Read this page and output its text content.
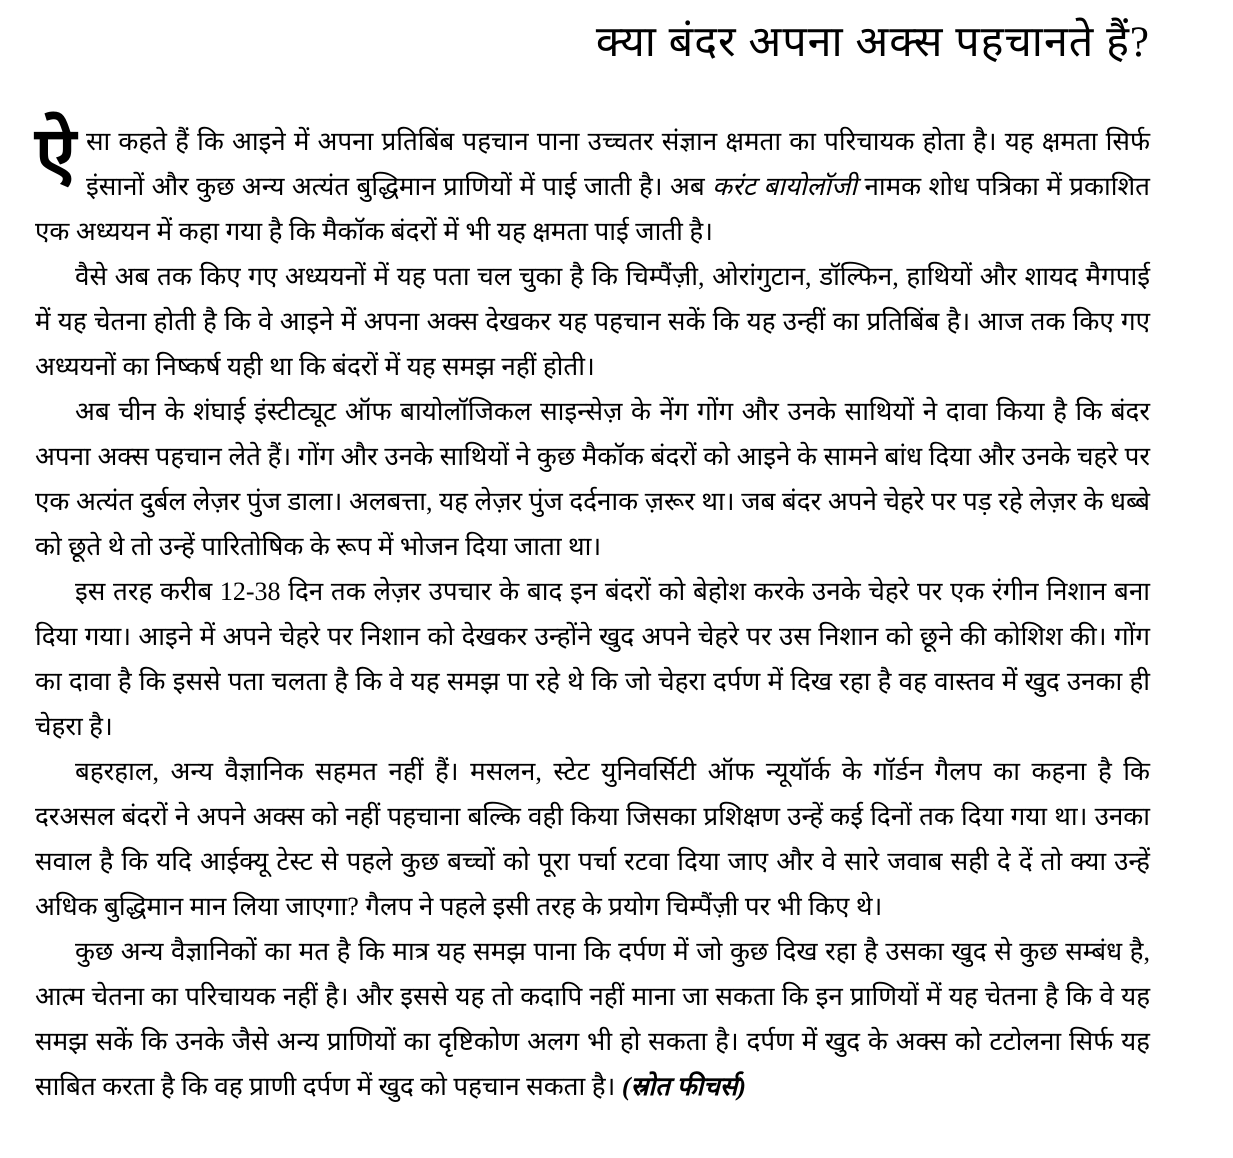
क्या बंदर अपना अक्स पहचानते हैं?

ऐसा कहते हैं कि आइने में अपना प्रतिबिंब पहचान पाना उच्चतर संज्ञान क्षमता का परिचायक होता है। यह क्षमता सिर्फ इंसानों और कुछ अन्य अत्यंत बुद्धिमान प्राणियों में पाई जाती है। अब करंट बायोलॉजी नामक शोध पत्रिका में प्रकाशित एक अध्ययन में कहा गया है कि मैकॉक बंदरों में भी यह क्षमता पाई जाती है।

वैसे अब तक किए गए अध्ययनों में यह पता चल चुका है कि चिम्पैंज़ी, ओरांगुटान, डॉल्फिन, हाथियों और शायद मैगपाई में यह चेतना होती है कि वे आइने में अपना अक्स देखकर यह पहचान सकें कि यह उन्हीं का प्रतिबिंब है। आज तक किए गए अध्ययनों का निष्कर्ष यही था कि बंदरों में यह समझ नहीं होती।

अब चीन के शंघाई इंस्टीट्यूट ऑफ बायोलॉजिकल साइन्सेज़ के नेंग गोंग और उनके साथियों ने दावा किया है कि बंदर अपना अक्स पहचान लेते हैं। गोंग और उनके साथियों ने कुछ मैकॉक बंदरों को आइने के सामने बांध दिया और उनके चहरे पर एक अत्यंत दुर्बल लेज़र पुंज डाला। अलबत्ता, यह लेज़र पुंज दर्दनाक ज़रूर था। जब बंदर अपने चेहरे पर पड़ रहे लेज़र के धब्बे को छूते थे तो उन्हें पारितोषिक के रूप में भोजन दिया जाता था।

इस तरह करीब 12-38 दिन तक लेज़र उपचार के बाद इन बंदरों को बेहोश करके उनके चेहरे पर एक रंगीन निशान बना दिया गया। आइने में अपने चेहरे पर निशान को देखकर उन्होंने खुद अपने चेहरे पर उस निशान को छूने की कोशिश की। गोंग का दावा है कि इससे पता चलता है कि वे यह समझ पा रहे थे कि जो चेहरा दर्पण में दिख रहा है वह वास्तव में खुद उनका ही चेहरा है।

बहरहाल, अन्य वैज्ञानिक सहमत नहीं हैं। मसलन, स्टेट युनिवर्सिटी ऑफ न्यूयॉर्क के गॉर्डन गैलप का कहना है कि दरअसल बंदरों ने अपने अक्स को नहीं पहचाना बल्कि वही किया जिसका प्रशिक्षण उन्हें कई दिनों तक दिया गया था। उनका सवाल है कि यदि आईक्यू टेस्ट से पहले कुछ बच्चों को पूरा पर्चा रटवा दिया जाए और वे सारे जवाब सही दे दें तो क्या उन्हें अधिक बुद्धिमान मान लिया जाएगा? गैलप ने पहले इसी तरह के प्रयोग चिम्पैंज़ी पर भी किए थे।

कुछ अन्य वैज्ञानिकों का मत है कि मात्र यह समझ पाना कि दर्पण में जो कुछ दिख रहा है उसका खुद से कुछ सम्बंध है, आत्म चेतना का परिचायक नहीं है। और इससे यह तो कदापि नहीं माना जा सकता कि इन प्राणियों में यह चेतना है कि वे यह समझ सकें कि उनके जैसे अन्य प्राणियों का दृष्टिकोण अलग भी हो सकता है। दर्पण में खुद के अक्स को टटोलना सिर्फ यह साबित करता है कि वह प्राणी दर्पण में खुद को पहचान सकता है। (स्रोत फीचर्स)
